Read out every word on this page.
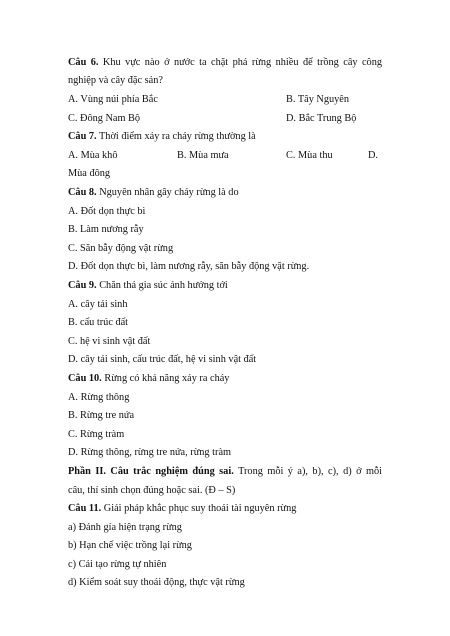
Câu 6. Khu vực nào ở nước ta chặt phá rừng nhiều để trồng cây công
nghiệp và cây đặc sản?
A. Vùng núi phía Bắc	B. Tây Nguyên
C. Đông Nam Bộ	D. Bắc Trung Bộ
Câu 7. Thời điểm xảy ra cháy rừng thường là
A. Mùa khô	B. Mùa mưa	C. Mùa thu	D.
Mùa đông
Câu 8. Nguyên nhân gây cháy rừng là do
A. Đốt dọn thực bì
B. Làm nương rẫy
C. Săn bẫy động vật rừng
D. Đốt dọn thực bì, làm nương rẫy, săn bẫy động vật rừng.
Câu 9. Chăn thả gia súc ảnh hưởng tới
A. cây tái sinh
B. cấu trúc đất
C. hệ vi sinh vật đất
D. cây tái sinh, cấu trúc đất, hệ vi sinh vật đất
Câu 10. Rừng có khả năng xảy ra cháy
A. Rừng thông
B. Rừng tre nứa
C. Rừng tràm
D. Rừng thông, rừng tre nứa, rừng tràm
Phần II. Câu trắc nghiệm đúng sai. Trong mỗi ý a), b), c), d) ở mỗi
câu, thí sinh chọn đúng hoặc sai. (Đ – S)
Câu 11. Giải pháp khắc phục suy thoái tài nguyên rừng
a) Đánh gía hiện trạng rừng
b) Hạn chế việc trồng lại rừng
c) Cải tạo rừng tự nhiên
d) Kiểm soát suy thoái động, thực vật rừng
